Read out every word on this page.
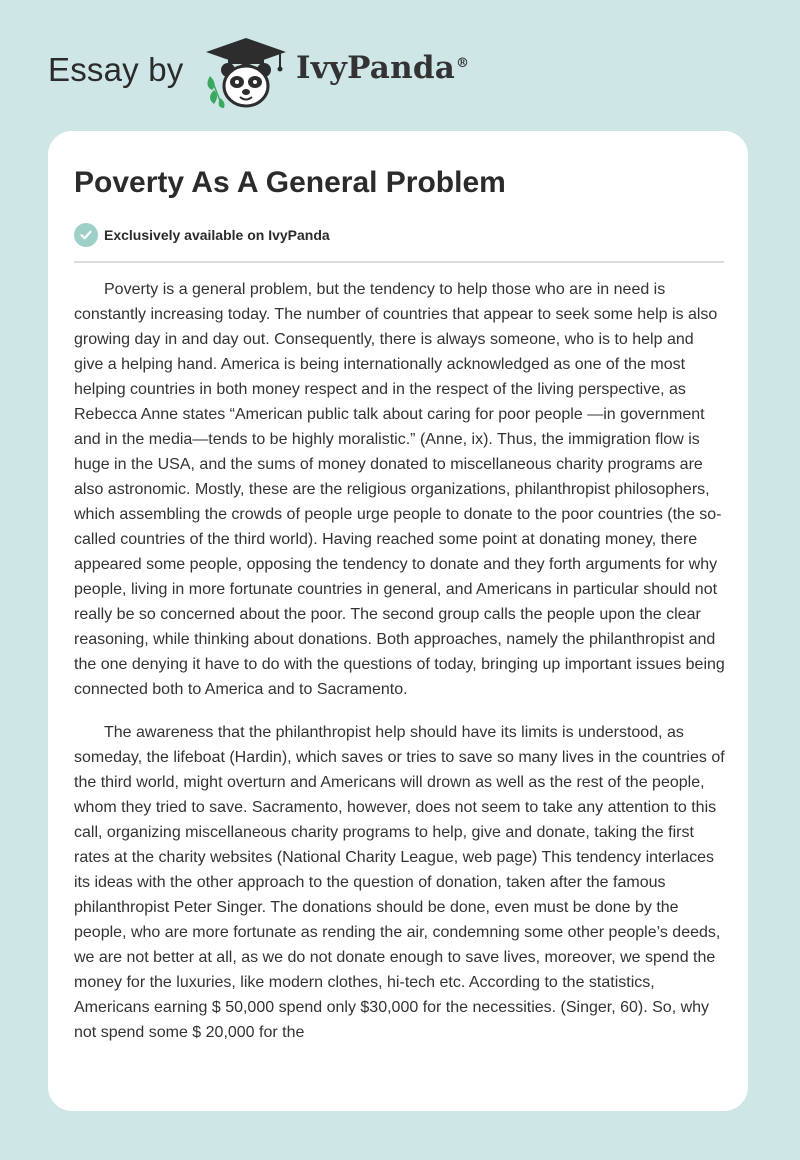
Essay by	IvyPanda®
Poverty As A General Problem
Exclusively available on IvyPanda

Poverty is a general problem, but the tendency to help those who are in need is constantly increasing today. The number of countries that appear to seek some help is also growing day in and day out. Consequently, there is always someone, who is to help and give a helping hand. America is being internationally acknowledged as one of the most helping countries in both money respect and in the respect of the living perspective, as Rebecca Anne states “American public talk about caring for poor people —in government and in the media—tends to be highly moralistic.” (Anne, ix). Thus, the immigration flow is huge in the USA, and the sums of money donated to miscellaneous charity programs are also astronomic. Mostly, these are the religious organizations, philanthropist philosophers, which assembling the crowds of people urge people to donate to the poor countries (the so-called countries of the third world). Having reached some point at donating money, there appeared some people, opposing the tendency to donate and they forth arguments for why people, living in more fortunate countries in general, and Americans in particular should not really be so concerned about the poor. The second group calls the people upon the clear reasoning, while thinking about donations. Both approaches, namely the philanthropist and the one denying it have to do with the questions of today, bringing up important issues being connected both to America and to Sacramento.

The awareness that the philanthropist help should have its limits is understood, as someday, the lifeboat (Hardin), which saves or tries to save so many lives in the countries of the third world, might overturn and Americans will drown as well as the rest of the people, whom they tried to save. Sacramento, however, does not seem to take any attention to this call, organizing miscellaneous charity programs to help, give and donate, taking the first rates at the charity websites (National Charity League, web page) This tendency interlaces its ideas with the other approach to the question of donation, taken after the famous philanthropist Peter Singer. The donations should be done, even must be done by the people, who are more fortunate as rending the air, condemning some other people’s deeds, we are not better at all, as we do not donate enough to save lives, moreover, we spend the money for the luxuries, like modern clothes, hi-tech etc. According to the statistics, Americans earning $ 50,000 spend only $30,000 for the necessities. (Singer, 60). So, why not spend some $ 20,000 for the
